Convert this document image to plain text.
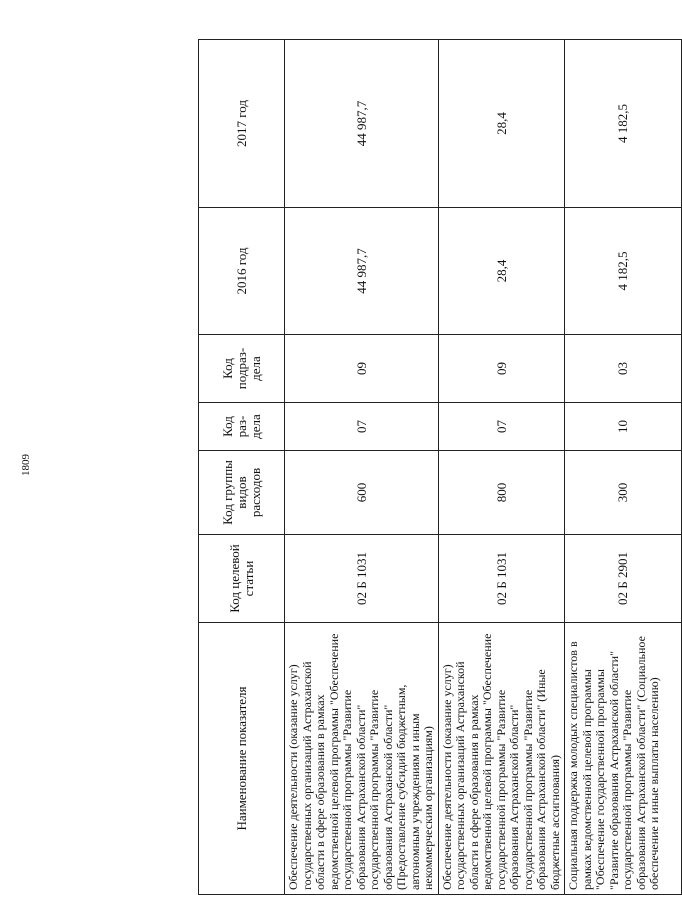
1809
Наименование показателя	Код целевой статьи	Код группы видов расходов	Код раз-дела	Код подраз-дела	2016 год	2017 год
Обеспечение деятельности (оказание услуг) государственных организаций Астраханской области в сфере образования в рамках ведомственной целевой программы "Обеспечение государственной программы "Развитие образования Астраханской области" государственной программы "Развитие образования Астраханской области" (Предоставление субсидий бюджетным, автономным учреждениям и иным некоммерческим организациям)	02 Б 1031	600	07	09	44 987,7	44 987,7
Обеспечение деятельности (оказание услуг) государственных организаций Астраханской области в сфере образования в рамках ведомственной целевой программы "Обеспечение государственной программы "Развитие образования Астраханской области" государственной программы "Развитие образования Астраханской области" (Иные бюджетные ассигнования)	02 Б 1031	800	07	09	28,4	28,4
Социальная поддержка молодых специалистов в рамках ведомственной целевой программы "Обеспечение государственной программы "Развитие образования Астраханской области" государственной программы "Развитие образования Астраханской области" (Социальное обеспечение и иные выплаты населению)	02 Б 2901	300	10	03	4 182,5	4 182,5
